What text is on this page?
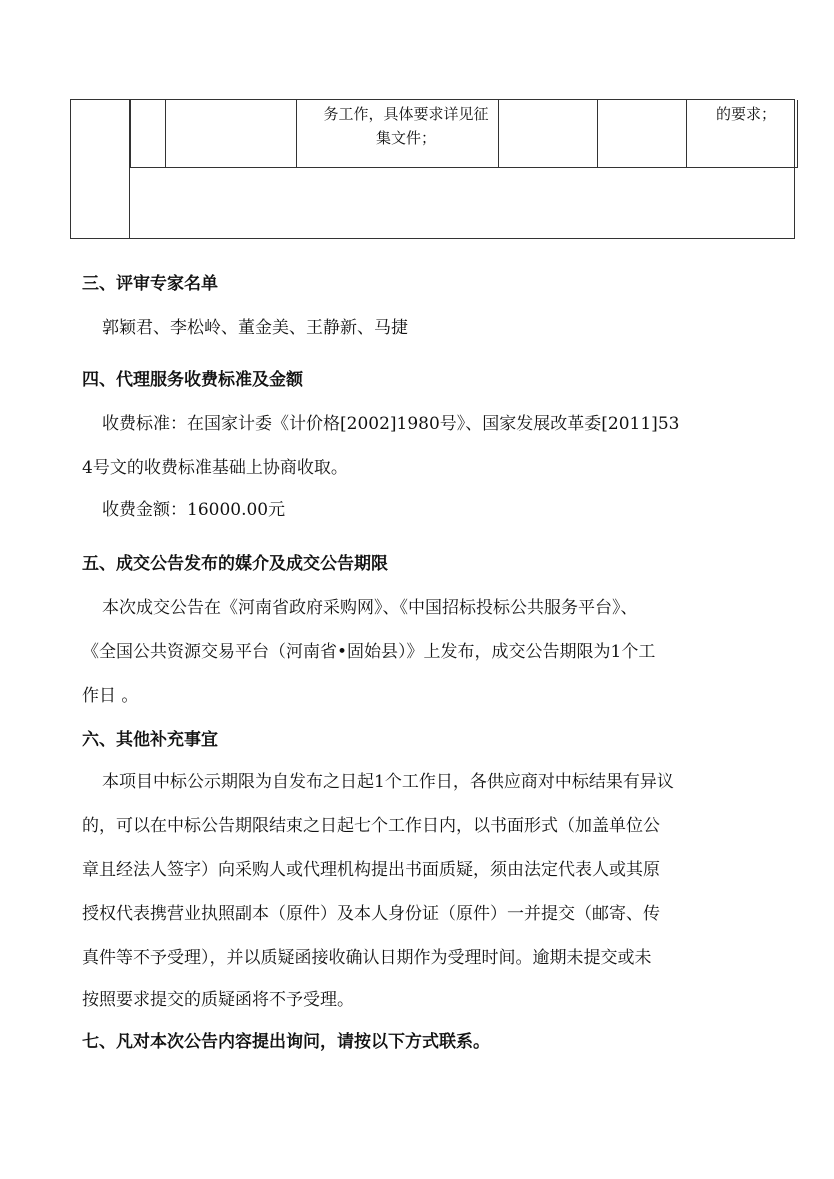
务工作，具体要求详见征
集文件；
的要求；
三、评审专家名单
郭颖君、李松岭、董金美、王静新、马捷
四、代理服务收费标准及金额
收费标准：在国家计委《计价格[2002]1980号》、国家发展改革委[2011]53
4号文的收费标准基础上协商收取。
收费金额：16000.00元
五、成交公告发布的媒介及成交公告期限
本次成交公告在《河南省政府采购网》、《中国招标投标公共服务平台》、
《全国公共资源交易平台（河南省•固始县）》上发布，成交公告期限为1个工
作日 。
六、其他补充事宜
本项目中标公示期限为自发布之日起1个工作日，各供应商对中标结果有异议
的，可以在中标公告期限结束之日起七个工作日内，以书面形式（加盖单位公
章且经法人签字）向采购人或代理机构提出书面质疑，须由法定代表人或其原
授权代表携营业执照副本（原件）及本人身份证（原件）一并提交（邮寄、传
真件等不予受理），并以质疑函接收确认日期作为受理时间。逾期未提交或未
按照要求提交的质疑函将不予受理。
七、凡对本次公告内容提出询问，请按以下方式联系。
